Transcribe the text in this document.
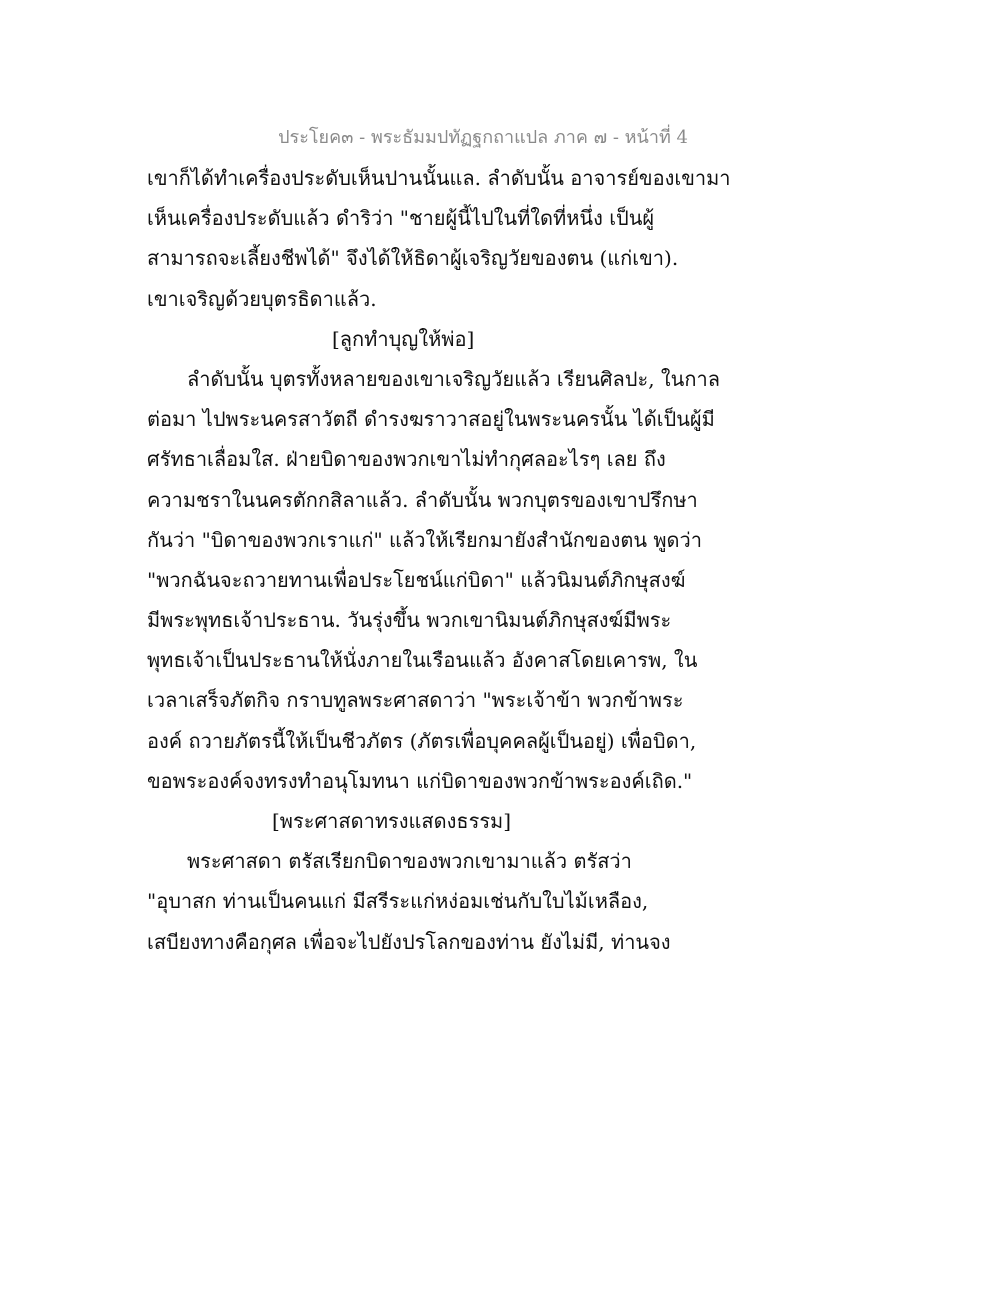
ประโยค๓ - พระธัมมปทัฏฐกถาแปล ภาค ๗ - หน้าที่ 4
เขาก็ได้ทำเครื่องประดับเห็นปานนั้นแล. ลำดับนั้น อาจารย์ของเขามา
เห็นเครื่องประดับแล้ว ดำริว่า "ชายผู้นี้ไปในที่ใดที่หนึ่ง เป็นผู้
สามารถจะเลี้ยงชีพได้" จึงได้ให้ธิดาผู้เจริญวัยของตน (แก่เขา).
เขาเจริญด้วยบุตรธิดาแล้ว.
[ลูกทำบุญให้พ่อ]
ลำดับนั้น บุตรทั้งหลายของเขาเจริญวัยแล้ว เรียนศิลปะ, ในกาล
ต่อมา ไปพระนครสาวัตถี ดำรงฆราวาสอยู่ในพระนครนั้น ได้เป็นผู้มี
ศรัทธาเลื่อมใส. ฝ่ายบิดาของพวกเขาไม่ทำกุศลอะไรๆ เลย ถึง
ความชราในนครตักกสิลาแล้ว. ลำดับนั้น พวกบุตรของเขาปรึกษา
กันว่า "บิดาของพวกเราแก่" แล้วให้เรียกมายังสำนักของตน พูดว่า
"พวกฉันจะถวายทานเพื่อประโยชน์แก่บิดา" แล้วนิมนต์ภิกษุสงฆ์
มีพระพุทธเจ้าประธาน. วันรุ่งขึ้น พวกเขานิมนต์ภิกษุสงฆ์มีพระ
พุทธเจ้าเป็นประธานให้นั่งภายในเรือนแล้ว อังคาสโดยเคารพ, ใน
เวลาเสร็จภัตกิจ กราบทูลพระศาสดาว่า "พระเจ้าข้า พวกข้าพระ
องค์ ถวายภัตรนี้ให้เป็นชีวภัตร (ภัตรเพื่อบุคคลผู้เป็นอยู่) เพื่อบิดา,
ขอพระองค์จงทรงทำอนุโมทนา แก่บิดาของพวกข้าพระองค์เถิด."
[พระศาสดาทรงแสดงธรรม]
พระศาสดา ตรัสเรียกบิดาของพวกเขามาแล้ว ตรัสว่า
"อุบาสก ท่านเป็นคนแก่ มีสรีระแก่หง่อมเช่นกับใบไม้เหลือง,
เสบียงทางคือกุศล เพื่อจะไปยังปรโลกของท่าน ยังไม่มี, ท่านจง
